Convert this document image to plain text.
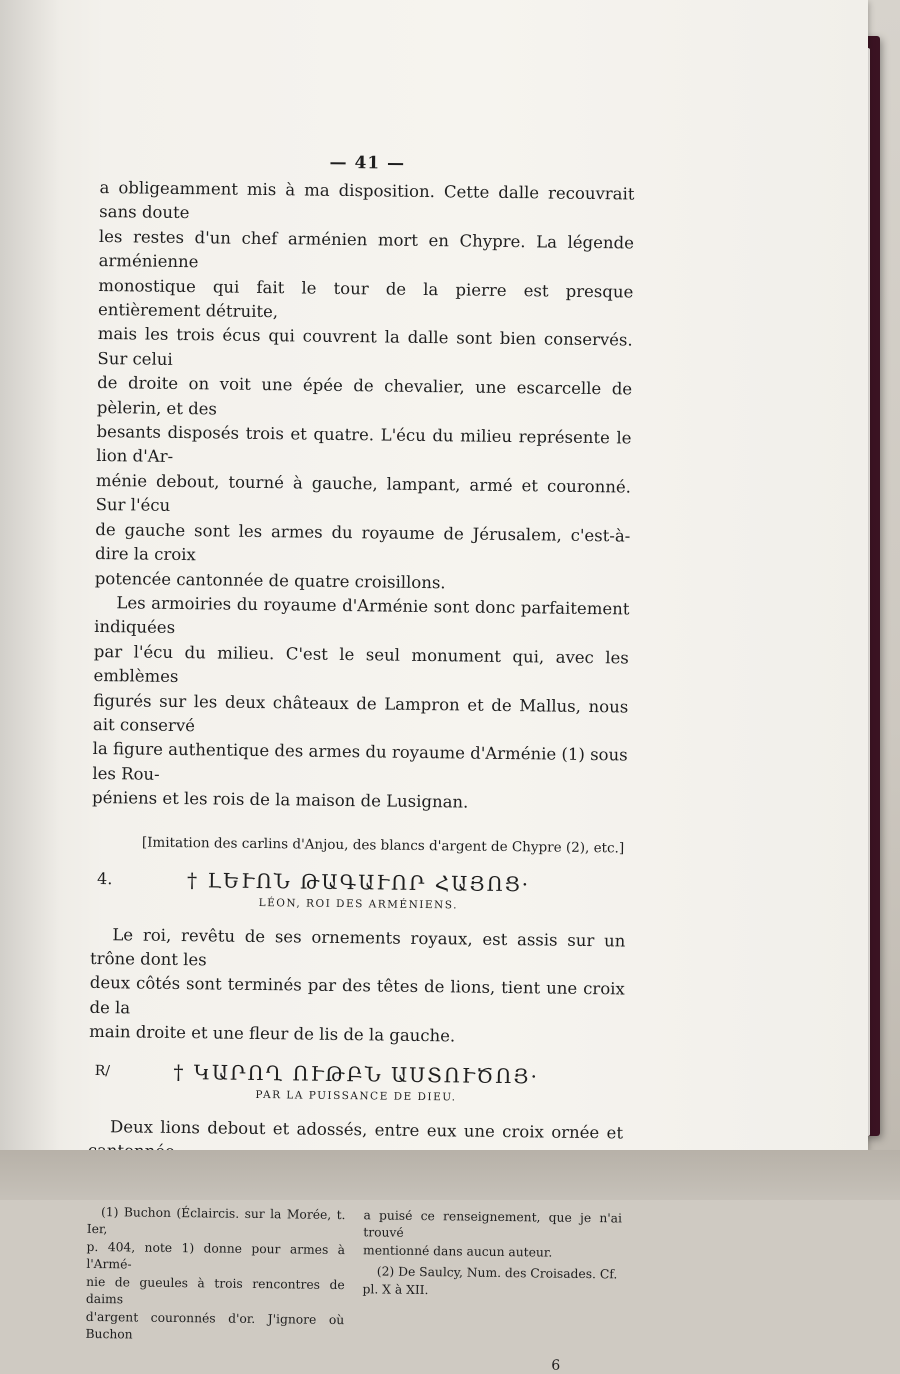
— 41 —

a obligeamment mis à ma disposition. Cette dalle recouvrait sans doute
les restes d'un chef arménien mort en Chypre. La légende arménienne
monostique qui fait le tour de la pierre est presque entièrement détruite,
mais les trois écus qui couvrent la dalle sont bien conservés. Sur celui
de droite on voit une épée de chevalier, une escarcelle de pèlerin, et des
besants disposés trois et quatre. L'écu du milieu représente le lion d'Ar-
ménie debout, tourné à gauche, lampant, armé et couronné. Sur l'écu
de gauche sont les armes du royaume de Jérusalem, c'est-à-dire la croix
potencée cantonnée de quatre croisillons.

Les armoiries du royaume d'Arménie sont donc parfaitement indiquées
par l'écu du milieu. C'est le seul monument qui, avec les emblèmes
figurés sur les deux châteaux de Lampron et de Mallus, nous ait conservé
la figure authentique des armes du royaume d'Arménie (1) sous les Rou-
péniens et les rois de la maison de Lusignan.

[Imitation des carlins d'Anjou, des blancs d'argent de Chypre (2), etc.]
4.	† ԼԵՒՈՆ ԹԱԳԱՒՈՐ ՀԱՅՈՑ·
LÉON, ROI DES ARMÉNIENS.

Le roi, revêtu de ses ornements royaux, est assis sur un trône dont les
deux côtés sont terminés par des têtes de lions, tient une croix de la
main droite et une fleur de lis de la gauche.

R/	† ԿԱՐՈՂ ՈՒԹԲՆ ԱՍՏՈՒԾՈՅ·
PAR LA PUISSANCE DE DIEU.

Deux lions debout et adossés, entre eux une croix ornée et

(1) Buchon (Éclaircis. sur la Morée, t. Ier,
p. 404, note 1) donne pour armes à l'Armé-
nie de gueules à trois rencontres de daims
d'argent couronnés d'or. J'ignore où Buchon

a puisé ce renseignement, que je n'ai trouvé
mentionné dans aucun auteur.

(2) De Saulcy, Num. des Croisades. Cf.
pl. X à XII.

6
